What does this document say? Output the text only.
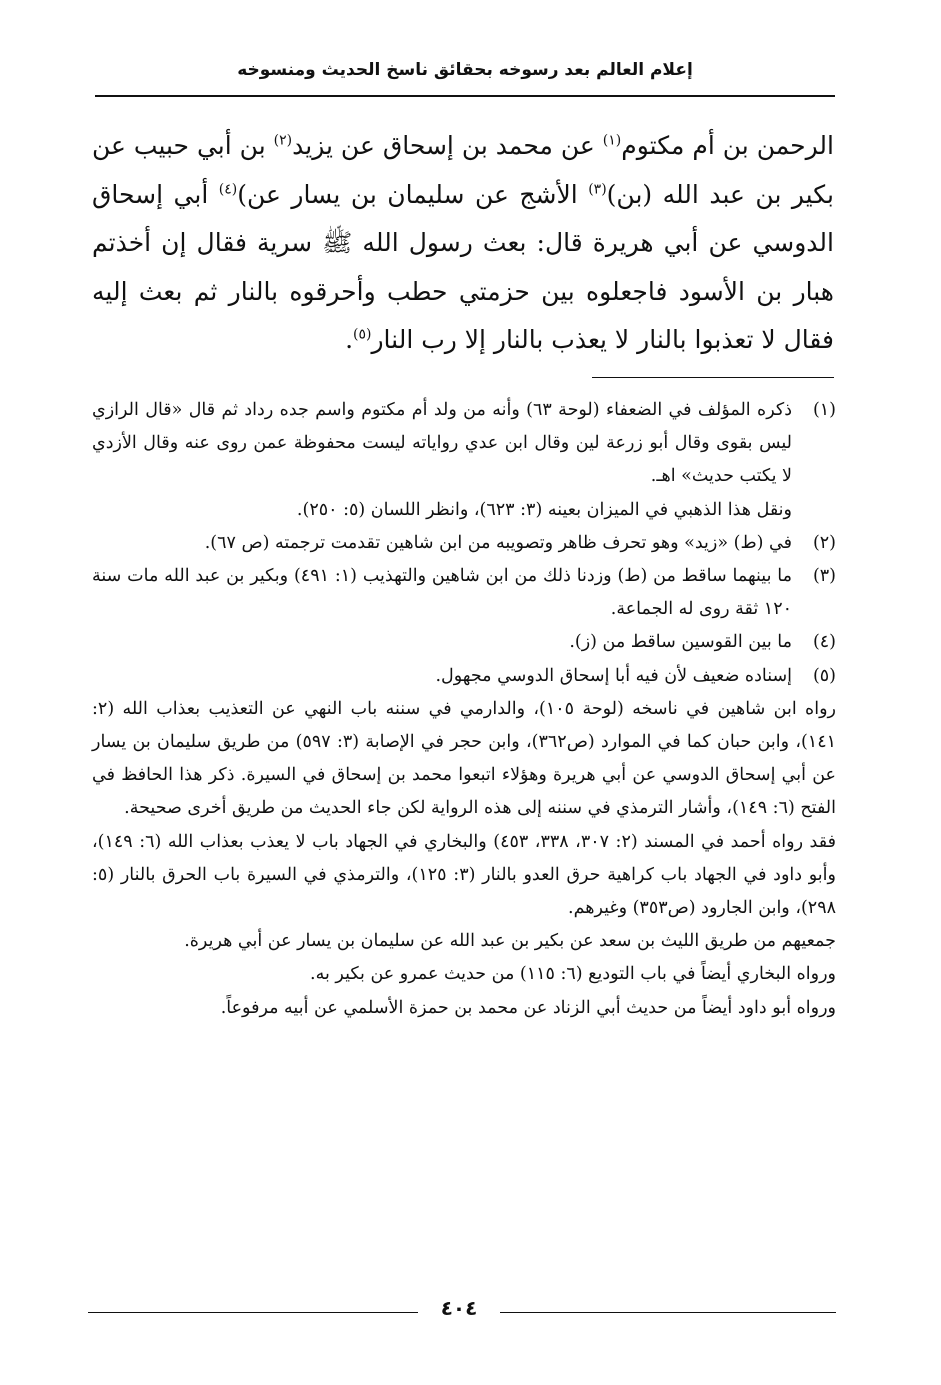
إعلام العالم بعد رسوخه بحقائق ناسخ الحديث ومنسوخه
الرحمن بن أم مكتوم$^{(١)}$ عن محمد بن إسحاق عن يزيد$^{(٢)}$ بن أبي حبيب عن بكير بن عبد الله (بن)$^{(٣)}$ الأشج عن سليمان بن يسار عن)$^{(٤)}$ أبي إسحاق الدوسي عن أبي هريرة قال: بعث رسول الله ﷺ سرية فقال إن أخذتم هبار بن الأسود فاجعلوه بين حزمتي حطب وأحرقوه بالنار ثم بعث إليه فقال لا تعذبوا بالنار لا يعذب بالنار إلا رب النار$^{(٥)}$.
(١)
ذكره المؤلف في الضعفاء (لوحة ٦٣) وأنه من ولد أم مكتوم واسم جده رداد ثم قال «قال الرازي ليس بقوى وقال أبو زرعة لين وقال ابن عدي رواياته ليست محفوظة عمن روى عنه وقال الأزدي لا يكتب حديث» اهـ.
ونقل هذا الذهبي في الميزان بعينه (٣: ٦٢٣)، وانظر اللسان (٥: ٢٥٠).
(٢)
في (ط) «زيد» وهو تحرف ظاهر وتصويبه من ابن شاهين تقدمت ترجمته (ص ٦٧).
(٣)
ما بينهما ساقط من (ط) وزدنا ذلك من ابن شاهين والتهذيب (١: ٤٩١) وبكير بن عبد الله مات سنة ١٢٠ ثقة روى له الجماعة.
(٤)
ما بين القوسين ساقط من (ز).
(٥)
إسناده ضعيف لأن فيه أبا إسحاق الدوسي مجهول.
رواه ابن شاهين في ناسخه (لوحة ١٠٥)، والدارمي في سننه باب النهي عن التعذيب بعذاب الله (٢: ١٤١)، وابن حبان كما في الموارد (ص٣٦٢)، وابن حجر في الإصابة (٣: ٥٩٧) من طريق سليمان بن يسار عن أبي إسحاق الدوسي عن أبي هريرة وهؤلاء اتبعوا محمد بن إسحاق في السيرة. ذكر هذا الحافظ في الفتح (٦: ١٤٩)، وأشار الترمذي في سننه إلى هذه الرواية لكن جاء الحديث من طريق أخرى صحيحة.
فقد رواه أحمد في المسند (٢: ٣٠٧، ٣٣٨، ٤٥٣) والبخاري في الجهاد باب لا يعذب بعذاب الله (٦: ١٤٩)، وأبو داود في الجهاد باب كراهية حرق العدو بالنار (٣: ١٢٥)، والترمذي في السيرة باب الحرق بالنار (٥: ٢٩٨)، وابن الجارود (ص٣٥٣) وغيرهم.
جمعيهم من طريق الليث بن سعد عن بكير بن عبد الله عن سليمان بن يسار عن أبي هريرة.
ورواه البخاري أيضاً في باب التوديع (٦: ١١٥) من حديث عمرو عن بكير به.
ورواه أبو داود أيضاً من حديث أبي الزناد عن محمد بن حمزة الأسلمي عن أبيه مرفوعاً.
٤٠٤
